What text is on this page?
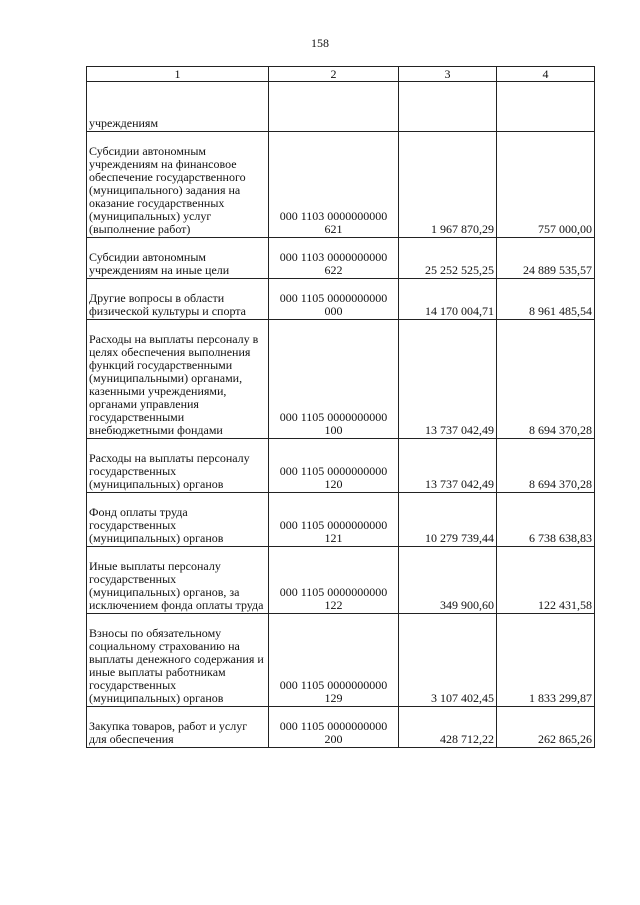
158
1	2	3	4
учреждениям			

Субсидии автономным учреждениям на финансовое обеспечение государственного (муниципального) задания на оказание государственных (муниципальных) услуг (выполнение работ)	000 1103 0000000000
621	1 967 870,29	757 000,00

Субсидии автономным учреждениям на иные цели	000 1103 0000000000
622	25 252 525,25	24 889 535,57

Другие вопросы в области физической культуры и спорта	000 1105 0000000000
000	14 170 004,71	8 961 485,54

Расходы на выплаты персоналу в целях обеспечения выполнения функций государственными (муниципальными) органами, казенными учреждениями, органами управления государственными внебюджетными фондами	000 1105 0000000000
100	13 737 042,49	8 694 370,28

Расходы на выплаты персоналу государственных (муниципальных) органов	000 1105 0000000000
120	13 737 042,49	8 694 370,28

Фонд оплаты труда государственных (муниципальных) органов	000 1105 0000000000
121	10 279 739,44	6 738 638,83

Иные выплаты персоналу государственных (муниципальных) органов, за исключением фонда оплаты труда	000 1105 0000000000
122	349 900,60	122 431,58

Взносы по обязательному социальному страхованию на выплаты денежного содержания и иные выплаты работникам государственных (муниципальных) органов	000 1105 0000000000
129	3 107 402,45	1 833 299,87

Закупка товаров, работ и услуг для обеспечения	000 1105 0000000000
200	428 712,22	262 865,26
